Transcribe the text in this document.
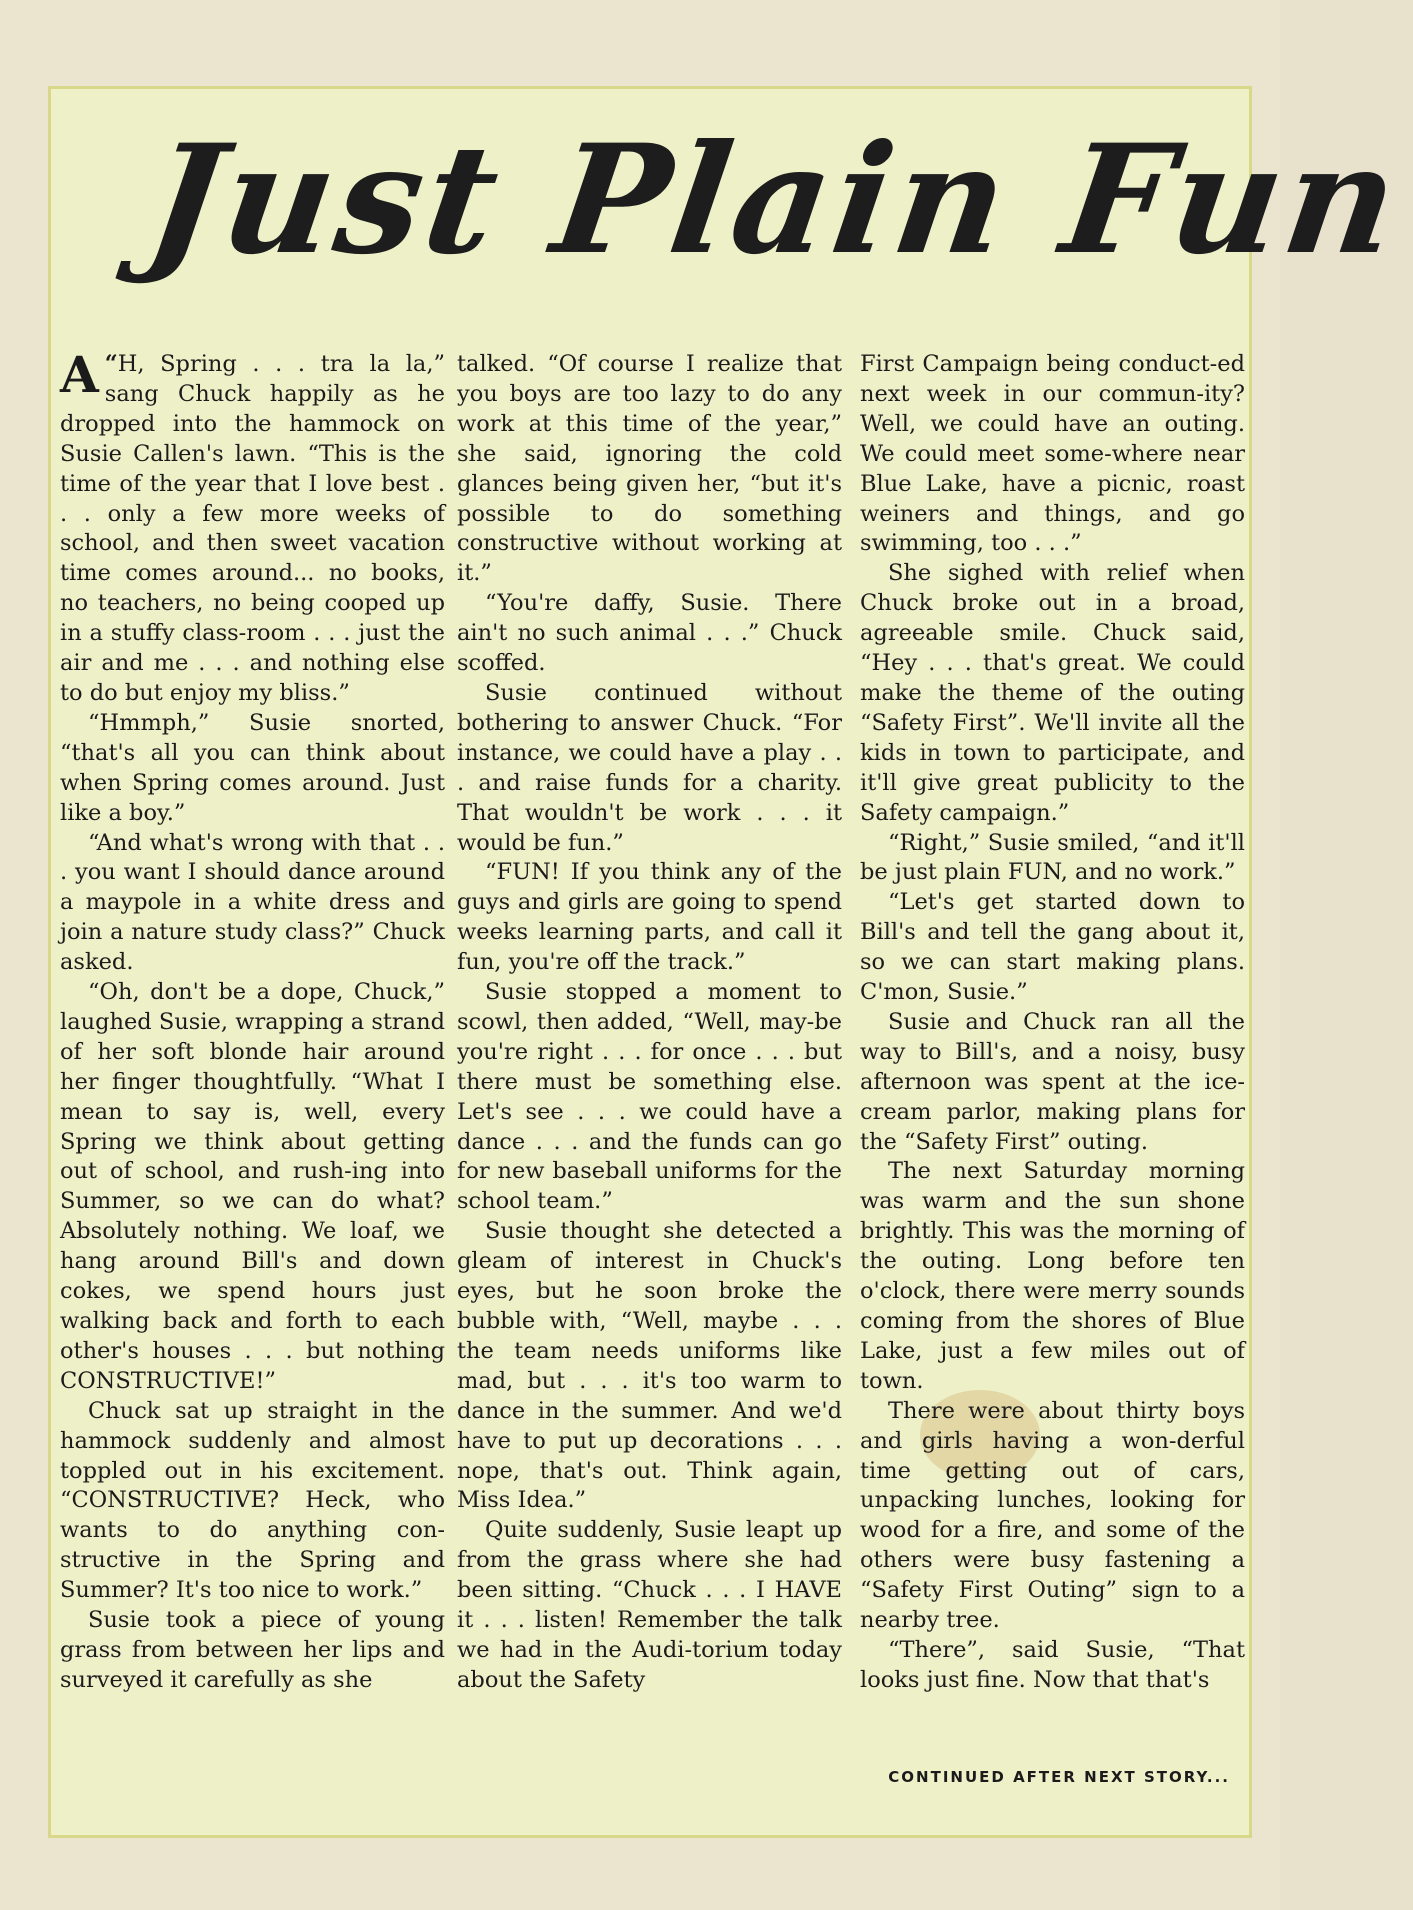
Just Plain Fun

“
A H, Spring . . . tra la la,” sang Chuck happily as he dropped into the hammock on Susie Callen's lawn. “This is the time of the year that I love best . . . only a few more weeks of school, and then sweet vacation time comes around... no books, no teachers, no being cooped up in a stuffy class-room . . . just the air and me . . . and nothing else to do but enjoy my bliss.”

“Hmmph,” Susie snorted, “that's all you can think about when Spring comes around. Just like a boy.”

“And what's wrong with that . . . you want I should dance around a maypole in a white dress and join a nature study class?” Chuck asked.

“Oh, don't be a dope, Chuck,” laughed Susie, wrapping a strand of her soft blonde hair around her finger thoughtfully. “What I mean to say is, well, every Spring we think about getting out of school, and rush-ing into Summer, so we can do what? Absolutely nothing. We loaf, we hang around Bill's and down cokes, we spend hours just walking back and forth to each other's houses . . . but nothing CONSTRUCTIVE!”

Chuck sat up straight in the hammock suddenly and almost toppled out in his excitement. “CONSTRUCTIVE? Heck, who wants to do anything con-structive in the Spring and Summer? It's too nice to work.”

Susie took a piece of young grass from between her lips and surveyed it carefully as she

talked. “Of course I realize that you boys are too lazy to do any work at this time of the year,” she said, ignoring the cold glances being given her, “but it's possible to do something constructive without working at it.”

“You're daffy, Susie. There ain't no such animal . . .” Chuck scoffed.

Susie continued without bothering to answer Chuck. “For instance, we could have a play . . . and raise funds for a charity. That wouldn't be work . . . it would be fun.”

“FUN! If you think any of the guys and girls are going to spend weeks learning parts, and call it fun, you're off the track.”

Susie stopped a moment to scowl, then added, “Well, may-be you're right . . . for once . . . but there must be something else. Let's see . . . we could have a dance . . . and the funds can go for new baseball uniforms for the school team.”

Susie thought she detected a gleam of interest in Chuck's eyes, but he soon broke the bubble with, “Well, maybe . . . the team needs uniforms like mad, but . . . it's too warm to dance in the summer. And we'd have to put up decorations . . . nope, that's out. Think again, Miss Idea.”

Quite suddenly, Susie leapt up from the grass where she had been sitting. “Chuck . . . I HAVE it . . . listen! Remember the talk we had in the Audi-torium today about the Safety

First Campaign being conduct-ed next week in our commun-ity? Well, we could have an outing. We could meet some-where near Blue Lake, have a picnic, roast weiners and things, and go swimming, too . . .”

She sighed with relief when Chuck broke out in a broad, agreeable smile. Chuck said, “Hey . . . that's great. We could make the theme of the outing “Safety First”. We'll invite all the kids in town to participate, and it'll give great publicity to the Safety campaign.”

“Right,” Susie smiled, “and it'll be just plain FUN, and no work.”

“Let's get started down to Bill's and tell the gang about it, so we can start making plans. C'mon, Susie.”

Susie and Chuck ran all the way to Bill's, and a noisy, busy afternoon was spent at the ice-cream parlor, making plans for the “Safety First” outing.

The next Saturday morning was warm and the sun shone brightly. This was the morning of the outing. Long before ten o'clock, there were merry sounds coming from the shores of Blue Lake, just a few miles out of town.

There were about thirty boys and girls having a won-derful time getting out of cars, unpacking lunches, looking for wood for a fire, and some of the others were busy fastening a “Safety First Outing” sign to a nearby tree.

“There”, said Susie, “That looks just fine. Now that that's

CONTINUED AFTER NEXT STORY...
